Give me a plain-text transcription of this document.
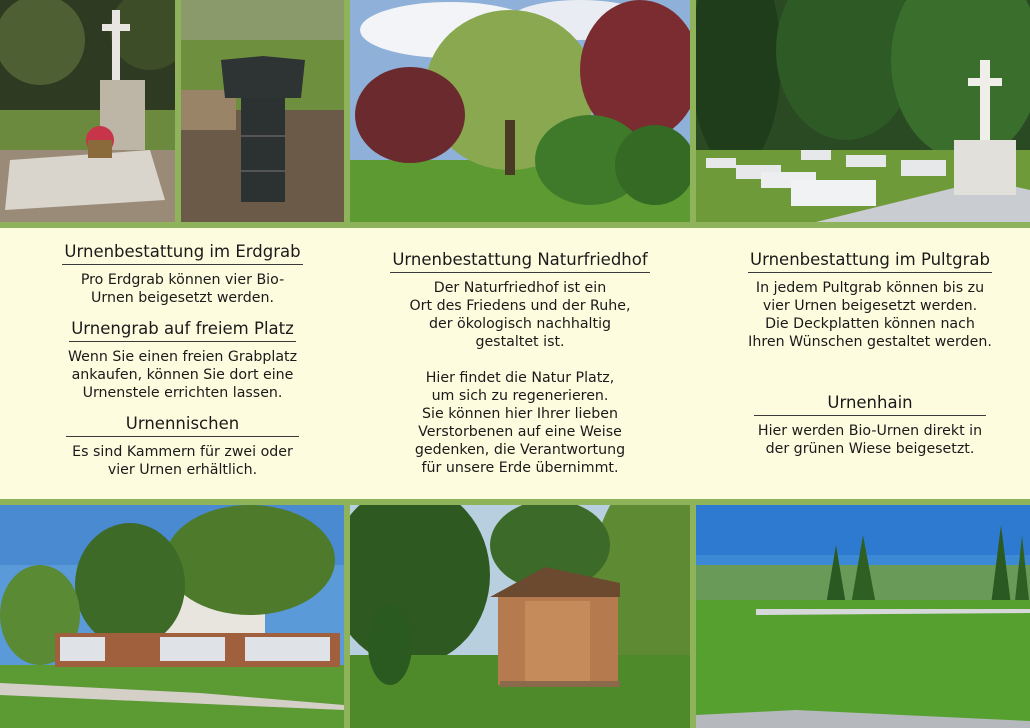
Urnenbestattung im Erdgrab

Pro Erdgrab können vier Bio-
Urnen beigesetzt werden.

Urnengrab auf freiem Platz

Wenn Sie einen freien Grabplatz
ankaufen, können Sie dort eine
Urnenstele errichten lassen.

Urnennischen

Es sind Kammern für zwei oder
vier Urnen erhältlich.

Urnenbestattung Naturfriedhof

Der Naturfriedhof ist ein
Ort des Friedens und der Ruhe,
der ökologisch nachhaltig
gestaltet ist.

Hier findet die Natur Platz,
um sich zu regenerieren.
Sie können hier Ihrer lieben
Verstorbenen auf eine Weise
gedenken, die Verantwortung
für unsere Erde übernimmt.

Urnenbestattung im Pultgrab

In jedem Pultgrab können bis zu
vier Urnen beigesetzt werden.
Die Deckplatten können nach
Ihren Wünschen gestaltet werden.

Urnenhain

Hier werden Bio-Urnen direkt in
der grünen Wiese beigesetzt.
